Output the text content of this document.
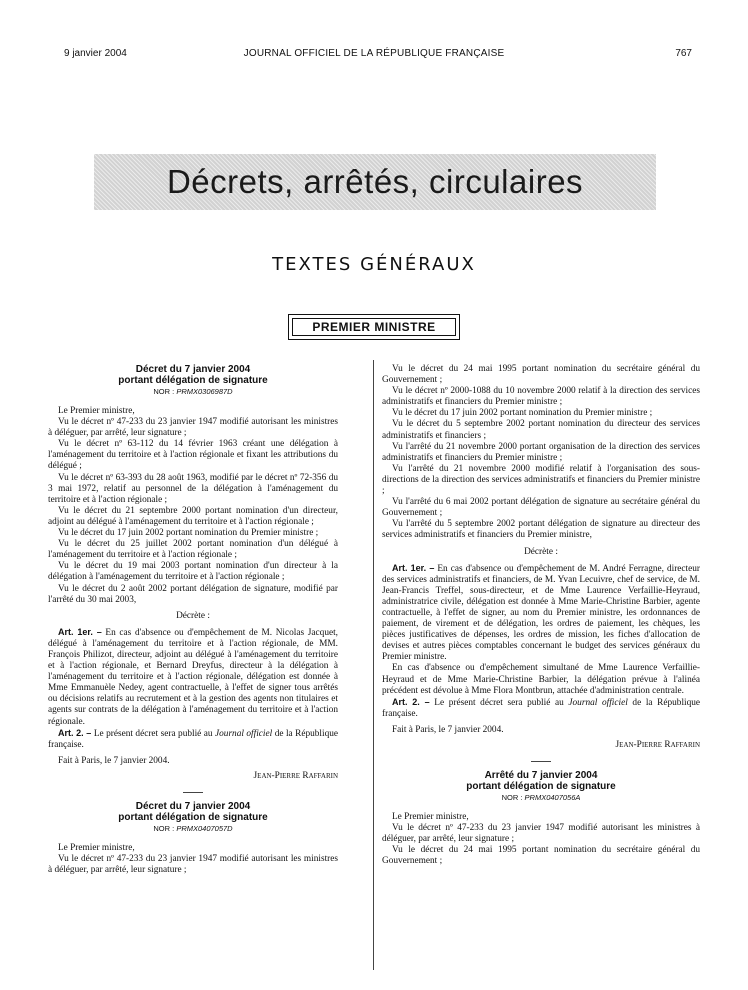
9 janvier 2004	JOURNAL OFFICIEL DE LA RÉPUBLIQUE FRANÇAISE	767
Décrets, arrêtés, circulaires
TEXTES GÉNÉRAUX
PREMIER MINISTRE
Décret du 7 janvier 2004
portant délégation de signature
NOR : PRMX0306987D

Le Premier ministre,

Vu le décret nº 47-233 du 23 janvier 1947 modifié autorisant les ministres à déléguer, par arrêté, leur signature ;

Vu le décret nº 63-112 du 14 février 1963 créant une délégation à l'aménagement du territoire et à l'action régionale et fixant les attributions du délégué ;

Vu le décret nº 63-393 du 28 août 1963, modifié par le décret nº 72-356 du 3 mai 1972, relatif au personnel de la délégation à l'aménagement du territoire et à l'action régionale ;

Vu le décret du 21 septembre 2000 portant nomination d'un directeur, adjoint au délégué à l'aménagement du territoire et à l'action régionale ;

Vu le décret du 17 juin 2002 portant nomination du Premier ministre ;

Vu le décret du 25 juillet 2002 portant nomination d'un délégué à l'aménagement du territoire et à l'action régionale ;

Vu le décret du 19 mai 2003 portant nomination d'un directeur à la délégation à l'aménagement du territoire et à l'action régionale ;

Vu le décret du 2 août 2002 portant délégation de signature, modifié par l'arrêté du 30 mai 2003,

Décrète :

Art. 1er. – En cas d'absence ou d'empêchement de M. Nicolas Jacquet, délégué à l'aménagement du territoire et à l'action régionale, de MM. François Philizot, directeur, adjoint au délégué à l'aménagement du territoire et à l'action régionale, et Bernard Dreyfus, directeur à la délégation à l'aménagement du territoire et à l'action régionale, délégation est donnée à Mme Emmanuèle Nedey, agent contractuelle, à l'effet de signer tous arrêtés ou décisions relatifs au recrutement et à la gestion des agents non titulaires et agents sur contrats de la délégation à l'aménagement du territoire et à l'action régionale.

Art. 2. – Le présent décret sera publié au Journal officiel de la République française.

Fait à Paris, le 7 janvier 2004.

Jean-Pierre Raffarin

Décret du 7 janvier 2004
portant délégation de signature
NOR : PRMX0407057D

Le Premier ministre,

Vu le décret nº 47-233 du 23 janvier 1947 modifié autorisant les ministres à déléguer, par arrêté, leur signature ;

Vu le décret du 24 mai 1995 portant nomination du secrétaire général du Gouvernement ;

Vu le décret nº 2000-1088 du 10 novembre 2000 relatif à la direction des services administratifs et financiers du Premier ministre ;

Vu le décret du 17 juin 2002 portant nomination du Premier ministre ;

Vu le décret du 5 septembre 2002 portant nomination du directeur des services administratifs et financiers ;

Vu l'arrêté du 21 novembre 2000 portant organisation de la direction des services administratifs et financiers du Premier ministre ;

Vu l'arrêté du 21 novembre 2000 modifié relatif à l'organisation des sous-directions de la direction des services administratifs et financiers du Premier ministre ;

Vu l'arrêté du 6 mai 2002 portant délégation de signature au secrétaire général du Gouvernement ;

Vu l'arrêté du 5 septembre 2002 portant délégation de signature au directeur des services administratifs et financiers du Premier ministre,

Décrète :

Art. 1er. – En cas d'absence ou d'empêchement de M. André Ferragne, directeur des services administratifs et financiers, de M. Yvan Lecuivre, chef de service, de M. Jean-Francis Treffel, sous-directeur, et de Mme Laurence Verfaillie-Heyraud, administratrice civile, délégation est donnée à Mme Marie-Christine Barbier, agente contractuelle, à l'effet de signer, au nom du Premier ministre, les ordonnances de paiement, de virement et de délégation, les ordres de paiement, les chèques, les pièces justificatives de dépenses, les ordres de mission, les fiches d'allocation de devises et autres pièces comptables concernant le budget des services généraux du Premier ministre.

En cas d'absence ou d'empêchement simultané de Mme Laurence Verfaillie-Heyraud et de Mme Marie-Christine Barbier, la délégation prévue à l'alinéa précédent est dévolue à Mme Flora Montbrun, attachée d'administration centrale.

Art. 2. – Le présent décret sera publié au Journal officiel de la République française.

Fait à Paris, le 7 janvier 2004.

Jean-Pierre Raffarin

Arrêté du 7 janvier 2004
portant délégation de signature
NOR : PRMX0407056A

Le Premier ministre,

Vu le décret nº 47-233 du 23 janvier 1947 modifié autorisant les ministres à déléguer, par arrêté, leur signature ;

Vu le décret du 24 mai 1995 portant nomination du secrétaire général du Gouvernement ;
